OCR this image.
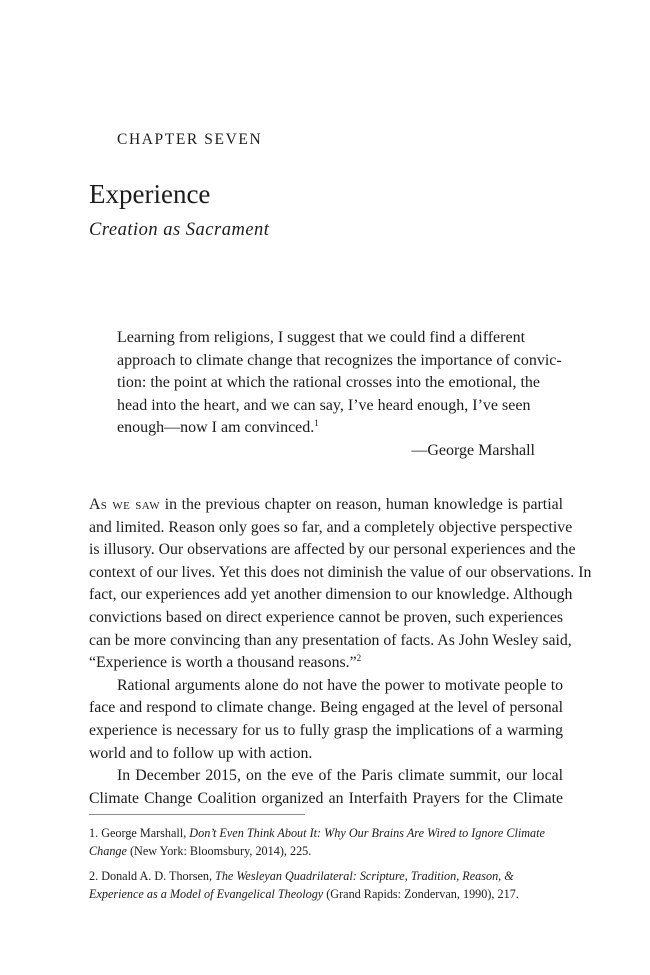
CHAPTER SEVEN
Experience
Creation as Sacrament
Learning from religions, I suggest that we could find a different
approach to climate change that recognizes the importance of convic-
tion: the point at which the rational crosses into the emotional, the
head into the heart, and we can say, I’ve heard enough, I’ve seen
enough—now I am convinced.$^1$
—George Marshall
As we saw in the previous chapter on reason, human knowledge is partial
and limited. Reason only goes so far, and a completely objective perspective
is illusory. Our observations are affected by our personal experiences and the
context of our lives. Yet this does not diminish the value of our observations. In
fact, our experiences add yet another dimension to our knowledge. Although
convictions based on direct experience cannot be proven, such experiences
can be more convincing than any presentation of facts. As John Wesley said,
“Experience is worth a thousand reasons.”$^2$
Rational arguments alone do not have the power to motivate people to
face and respond to climate change. Being engaged at the level of personal
experience is necessary for us to fully grasp the implications of a warming
world and to follow up with action.
In December 2015, on the eve of the Paris climate summit, our local
Climate Change Coalition organized an Interfaith Prayers for the Climate
1. George Marshall, Don’t Even Think About It: Why Our Brains Are Wired to Ignore Climate
Change (New York: Bloomsbury, 2014), 225.
2. Donald A. D. Thorsen, The Wesleyan Quadrilateral: Scripture, Tradition, Reason, &
Experience as a Model of Evangelical Theology (Grand Rapids: Zondervan, 1990), 217.
